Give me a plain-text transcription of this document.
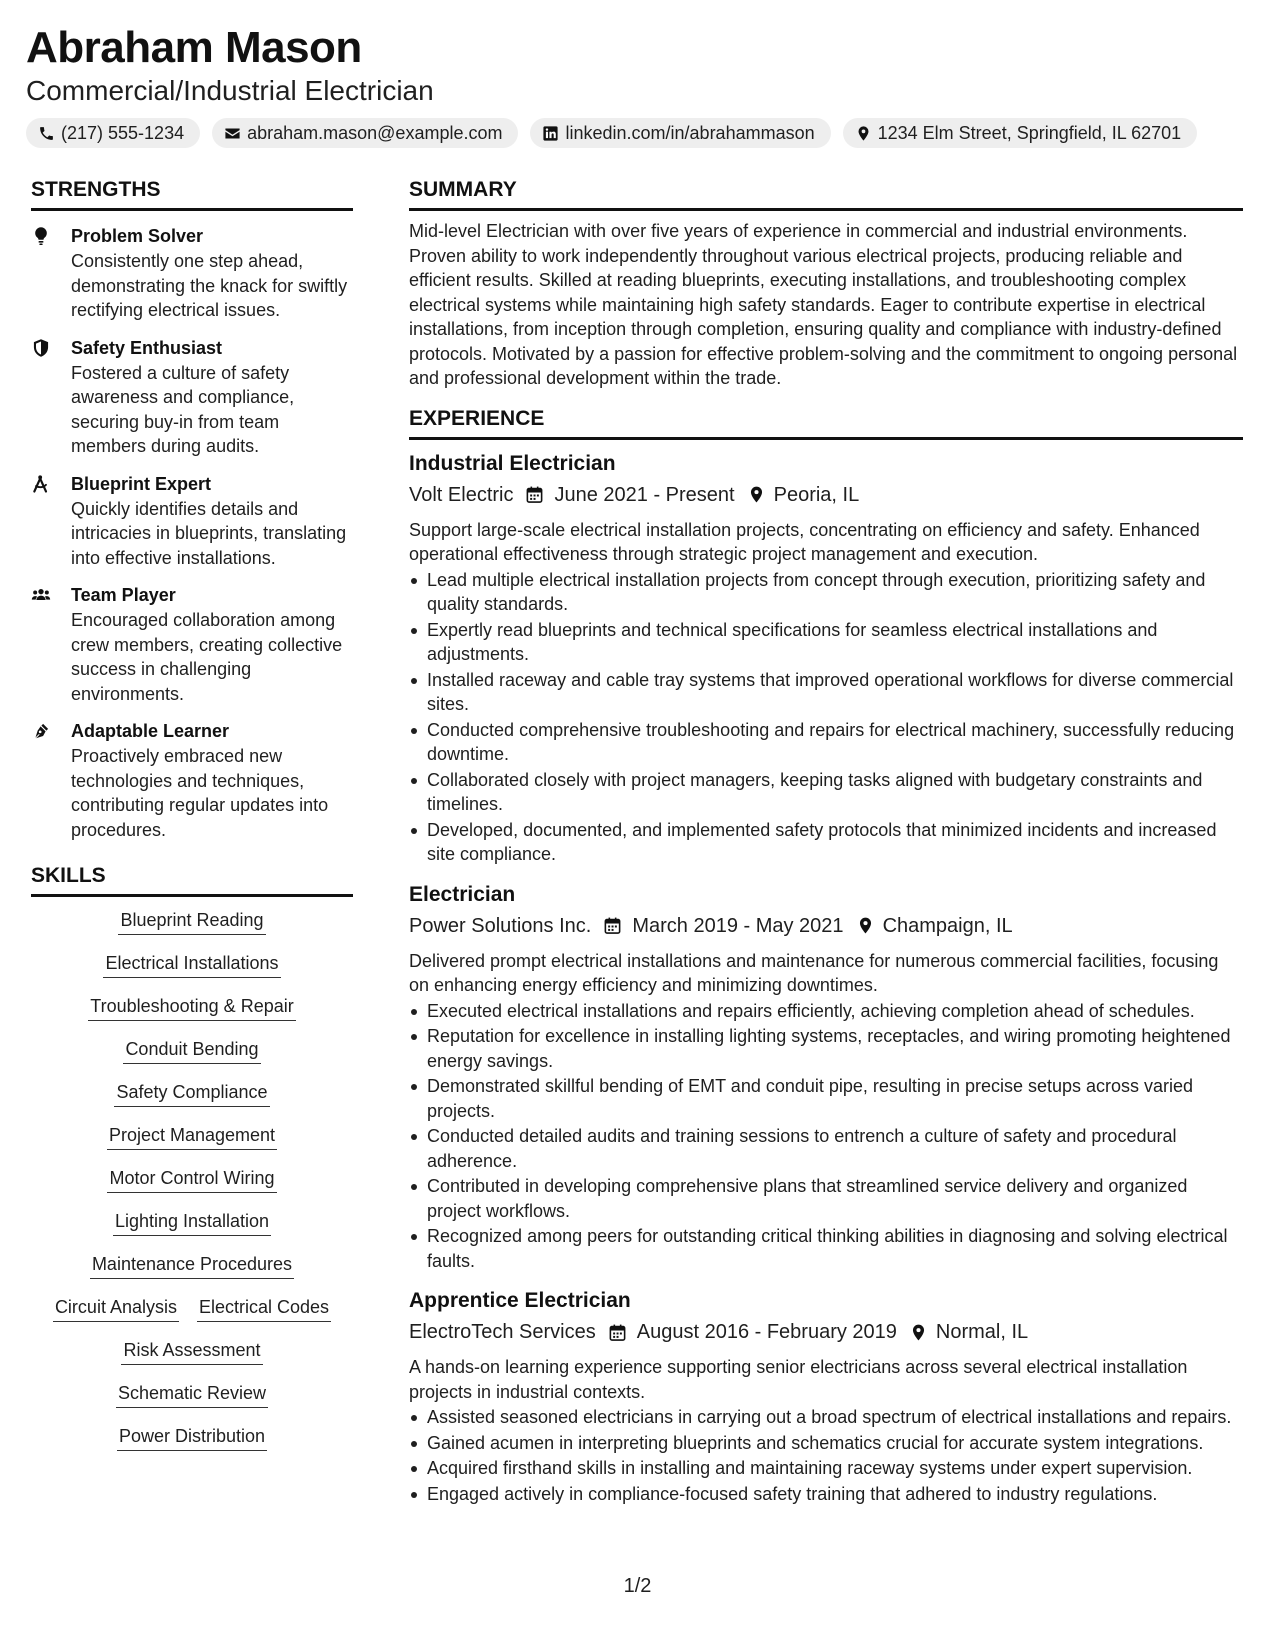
Abraham Mason
Commercial/Industrial Electrician
(217) 555-1234	abraham.mason@example.com	linkedin.com/in/abrahammason	1234 Elm Street, Springfield, IL 62701
STRENGTHS
Problem Solver
Consistently one step ahead, demonstrating the knack for swiftly rectifying electrical issues.
Safety Enthusiast
Fostered a culture of safety awareness and compliance, securing buy-in from team members during audits.
Blueprint Expert
Quickly identifies details and intricacies in blueprints, translating into effective installations.
Team Player
Encouraged collaboration among crew members, creating collective success in challenging environments.
Adaptable Learner
Proactively embraced new technologies and techniques, contributing regular updates into procedures.
SKILLS
Blueprint Reading
Electrical Installations
Troubleshooting & Repair
Conduit Bending
Safety Compliance
Project Management
Motor Control Wiring
Lighting Installation
Maintenance Procedures
Circuit Analysis Electrical Codes
Risk Assessment
Schematic Review
Power Distribution
SUMMARY
Mid-level Electrician with over five years of experience in commercial and industrial environments. Proven ability to work independently throughout various electrical projects, producing reliable and efficient results. Skilled at reading blueprints, executing installations, and troubleshooting complex electrical systems while maintaining high safety standards. Eager to contribute expertise in electrical installations, from inception through completion, ensuring quality and compliance with industry-defined protocols. Motivated by a passion for effective problem-solving and the commitment to ongoing personal and professional development within the trade.
EXPERIENCE
Industrial Electrician
Volt Electric June 2021 - Present Peoria, IL
Support large-scale electrical installation projects, concentrating on efficiency and safety. Enhanced operational effectiveness through strategic project management and execution.
Lead multiple electrical installation projects from concept through execution, prioritizing safety and quality standards.
Expertly read blueprints and technical specifications for seamless electrical installations and adjustments.
Installed raceway and cable tray systems that improved operational workflows for diverse commercial sites.
Conducted comprehensive troubleshooting and repairs for electrical machinery, successfully reducing downtime.
Collaborated closely with project managers, keeping tasks aligned with budgetary constraints and timelines.
Developed, documented, and implemented safety protocols that minimized incidents and increased site compliance.
Electrician
Power Solutions Inc. March 2019 - May 2021 Champaign, IL
Delivered prompt electrical installations and maintenance for numerous commercial facilities, focusing on enhancing energy efficiency and minimizing downtimes.
Executed electrical installations and repairs efficiently, achieving completion ahead of schedules.
Reputation for excellence in installing lighting systems, receptacles, and wiring promoting heightened energy savings.
Demonstrated skillful bending of EMT and conduit pipe, resulting in precise setups across varied projects.
Conducted detailed audits and training sessions to entrench a culture of safety and procedural adherence.
Contributed in developing comprehensive plans that streamlined service delivery and organized project workflows.
Recognized among peers for outstanding critical thinking abilities in diagnosing and solving electrical faults.
Apprentice Electrician
ElectroTech Services August 2016 - February 2019 Normal, IL
A hands-on learning experience supporting senior electricians across several electrical installation projects in industrial contexts.
Assisted seasoned electricians in carrying out a broad spectrum of electrical installations and repairs.
Gained acumen in interpreting blueprints and schematics crucial for accurate system integrations.
Acquired firsthand skills in installing and maintaining raceway systems under expert supervision.
Engaged actively in compliance-focused safety training that adhered to industry regulations.
1/2
